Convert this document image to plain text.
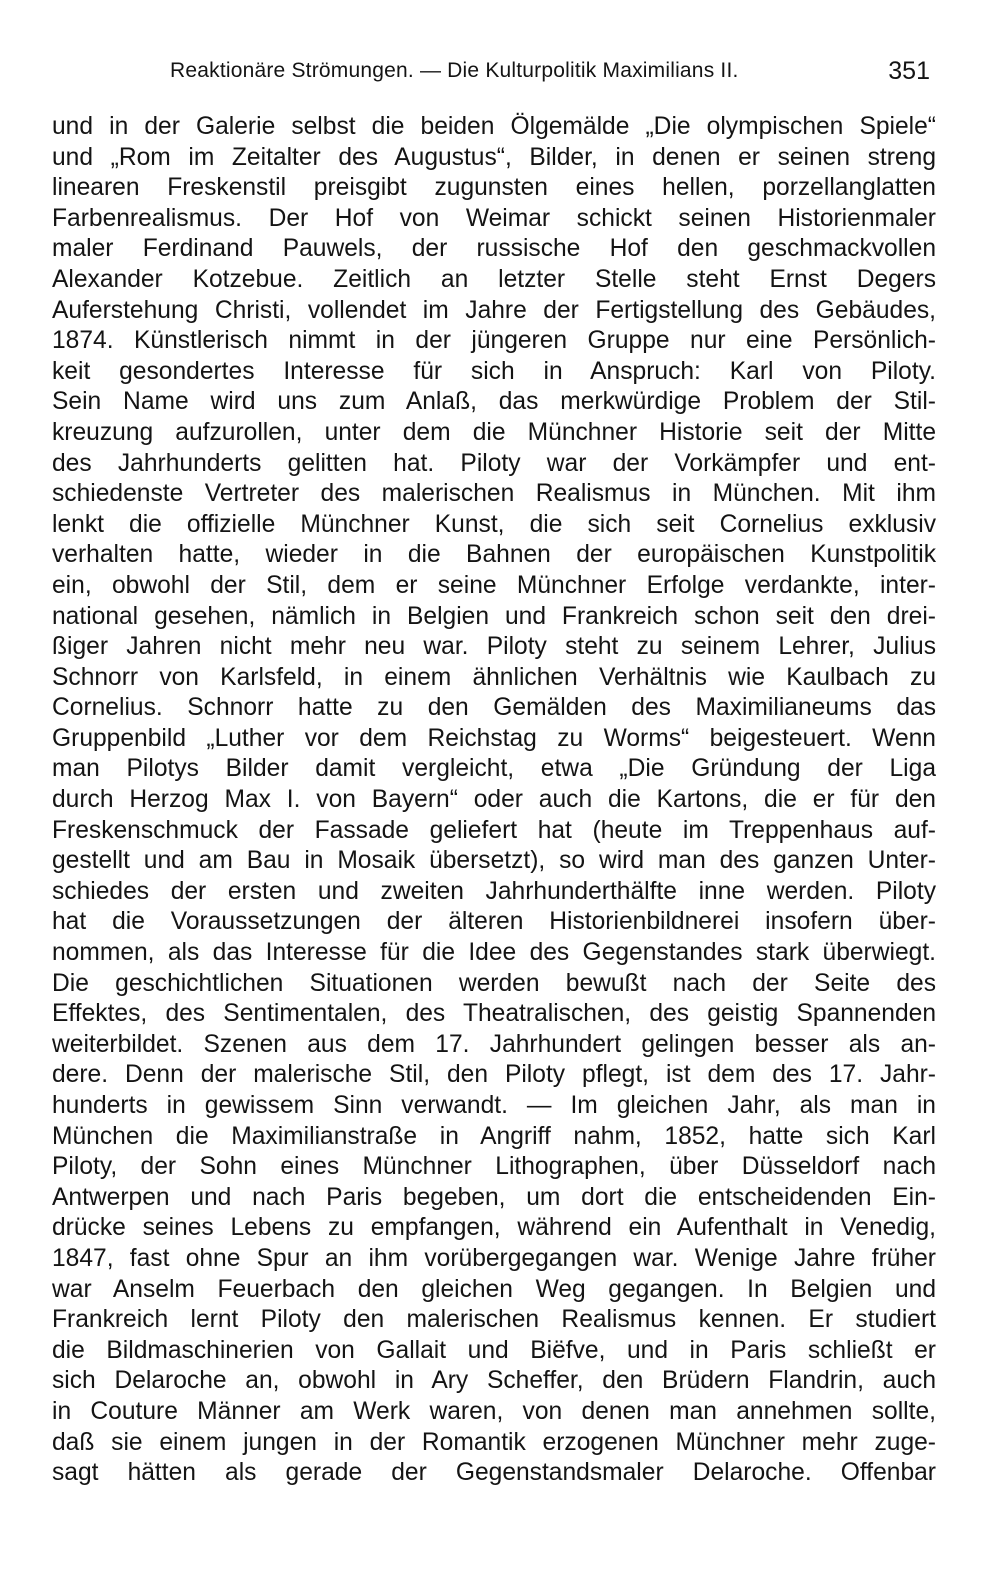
Reaktionäre Strömungen. — Die Kulturpolitik Maximilians II.	351
und in der Galerie selbst die beiden Ölgemälde „Die olympischen Spiele“
und „Rom im Zeitalter des Augustus“, Bilder, in denen er seinen streng
linearen Freskenstil preisgibt zugunsten eines hellen, porzellanglatten
Farbenrealismus. Der Hof von Weimar schickt seinen Historienmaler
maler Ferdinand Pauwels, der russische Hof den geschmackvollen
Alexander Kotzebue. Zeitlich an letzter Stelle steht Ernst Degers
Auferstehung Christi, vollendet im Jahre der Fertigstellung des Gebäudes,
1874. Künstlerisch nimmt in der jüngeren Gruppe nur eine Persönlich-
keit gesondertes Interesse für sich in Anspruch: Karl von Piloty.
Sein Name wird uns zum Anlaß, das merkwürdige Problem der Stil-
kreuzung aufzurollen, unter dem die Münchner Historie seit der Mitte
des Jahrhunderts gelitten hat. Piloty war der Vorkämpfer und ent-
schiedenste Vertreter des malerischen Realismus in München. Mit ihm
lenkt die offizielle Münchner Kunst, die sich seit Cornelius exklusiv
verhalten hatte, wieder in die Bahnen der europäischen Kunstpolitik
ein, obwohl der Stil, dem er seine Münchner Erfolge verdankte, inter-
national gesehen, nämlich in Belgien und Frankreich schon seit den drei-
ßiger Jahren nicht mehr neu war. Piloty steht zu seinem Lehrer, Julius
Schnorr von Karlsfeld, in einem ähnlichen Verhältnis wie Kaulbach zu
Cornelius. Schnorr hatte zu den Gemälden des Maximilianeums das
Gruppenbild „Luther vor dem Reichstag zu Worms“ beigesteuert. Wenn
man Pilotys Bilder damit vergleicht, etwa „Die Gründung der Liga
durch Herzog Max I. von Bayern“ oder auch die Kartons, die er für den
Freskenschmuck der Fassade geliefert hat (heute im Treppenhaus auf-
gestellt und am Bau in Mosaik übersetzt), so wird man des ganzen Unter-
schiedes der ersten und zweiten Jahrhunderthälfte inne werden. Piloty
hat die Voraussetzungen der älteren Historienbildnerei insofern über-
nommen, als das Interesse für die Idee des Gegenstandes stark überwiegt.
Die geschichtlichen Situationen werden bewußt nach der Seite des
Effektes, des Sentimentalen, des Theatralischen, des geistig Spannenden
weiterbildet. Szenen aus dem 17. Jahrhundert gelingen besser als an-
dere. Denn der malerische Stil, den Piloty pflegt, ist dem des 17. Jahr-
hunderts in gewissem Sinn verwandt. — Im gleichen Jahr, als man in
München die Maximilianstraße in Angriff nahm, 1852, hatte sich Karl
Piloty, der Sohn eines Münchner Lithographen, über Düsseldorf nach
Antwerpen und nach Paris begeben, um dort die entscheidenden Ein-
drücke seines Lebens zu empfangen, während ein Aufenthalt in Venedig,
1847, fast ohne Spur an ihm vorübergegangen war. Wenige Jahre früher
war Anselm Feuerbach den gleichen Weg gegangen. In Belgien und
Frankreich lernt Piloty den malerischen Realismus kennen. Er studiert
die Bildmaschinerien von Gallait und Biëfve, und in Paris schließt er
sich Delaroche an, obwohl in Ary Scheffer, den Brüdern Flandrin, auch
in Couture Männer am Werk waren, von denen man annehmen sollte,
daß sie einem jungen in der Romantik erzogenen Münchner mehr zuge-
sagt hätten als gerade der Gegenstandsmaler Delaroche. Offenbar
